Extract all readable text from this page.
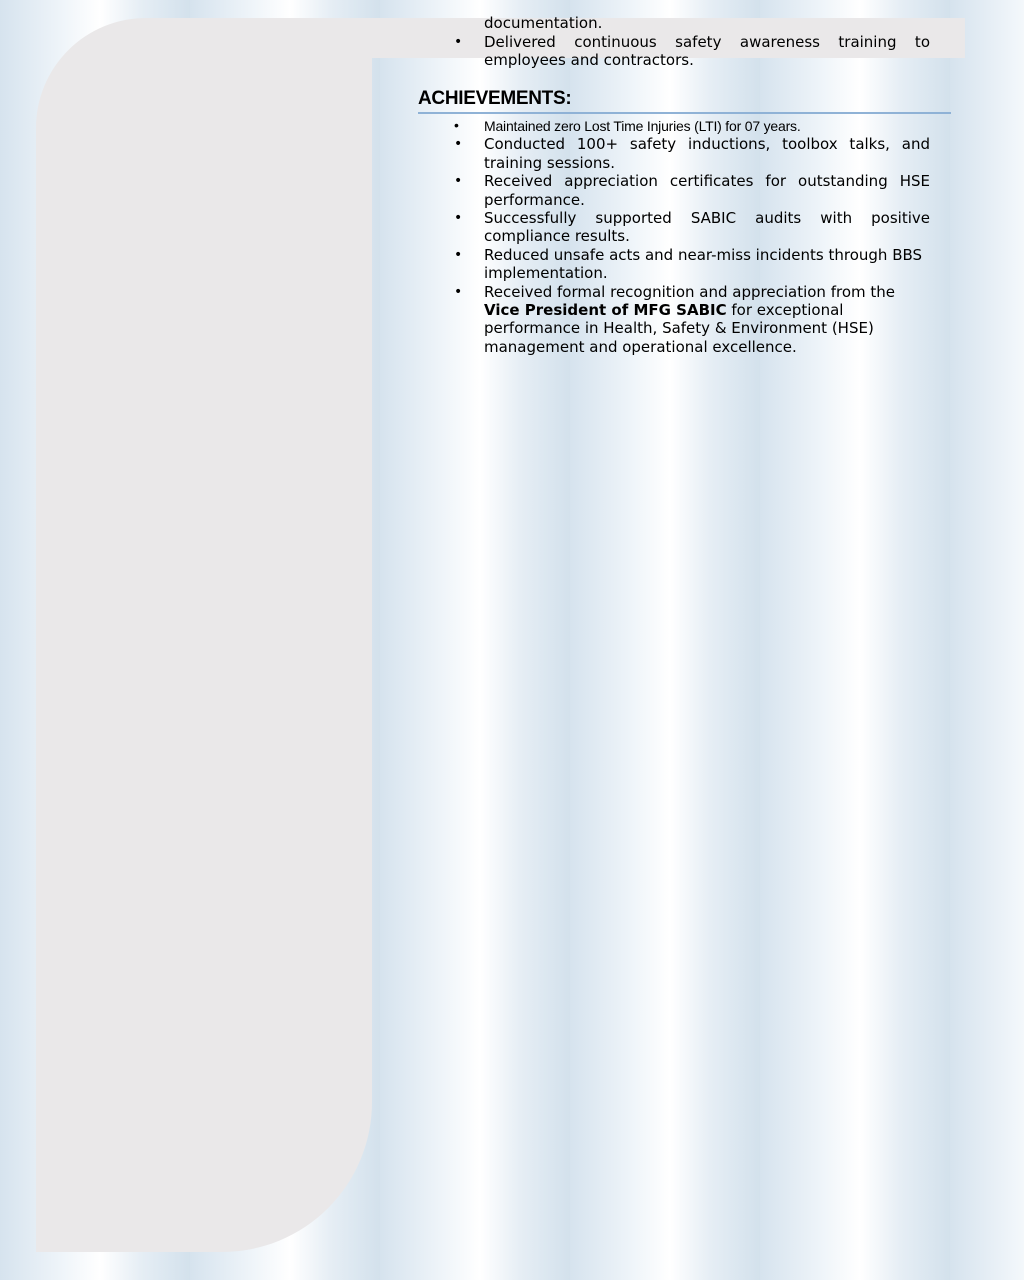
documentation.
• Delivered continuous safety awareness training to employees and contractors.
ACHIEVEMENTS:
• Maintained zero Lost Time Injuries (LTI) for 07 years.
• Conducted 100+ safety inductions, toolbox talks, and training sessions.
• Received appreciation certificates for outstanding HSE performance.
• Successfully supported SABIC audits with positive compliance results.
• Reduced unsafe acts and near-miss incidents through BBS implementation.
• Received formal recognition and appreciation from the Vice President of MFG SABIC for exceptional performance in Health, Safety & Environment (HSE) management and operational excellence.
